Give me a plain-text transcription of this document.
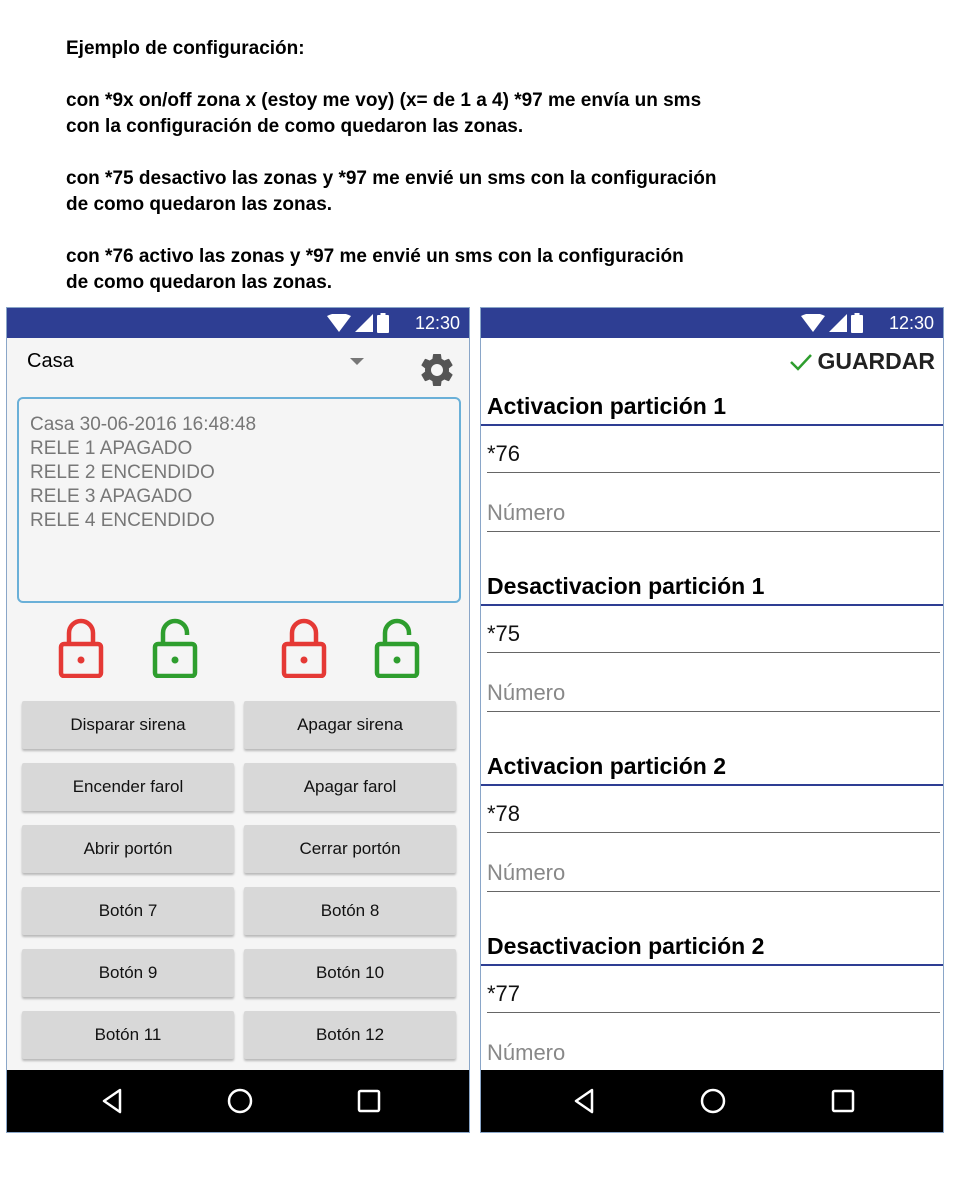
Ejemplo de configuración:

con *9x on/off zona x (estoy me voy) (x= de 1 a 4) *97 me envía un sms
con la configuración de como quedaron las zonas.

con *75 desactivo las zonas y *97 me envié un sms con la configuración
de como quedaron las zonas.

con *76 activo las zonas y *97 me envié un sms con la configuración
de como quedaron las zonas.

12:30
Casa
Casa 30-06-2016 16:48:48
RELE 1 APAGADO
RELE 2 ENCENDIDO
RELE 3 APAGADO
RELE 4 ENCENDIDO
Disparar sirena	Apagar sirena
Encender farol	Apagar farol
Abrir portón	Cerrar portón
Botón 7	Botón 8
Botón 9	Botón 10
Botón 11	Botón 12
12:30
GUARDAR
Activacion partición 1
*76
Número
Desactivacion partición 1
*75
Número
Activacion partición 2
*78
Número
Desactivacion partición 2
*77
Número
